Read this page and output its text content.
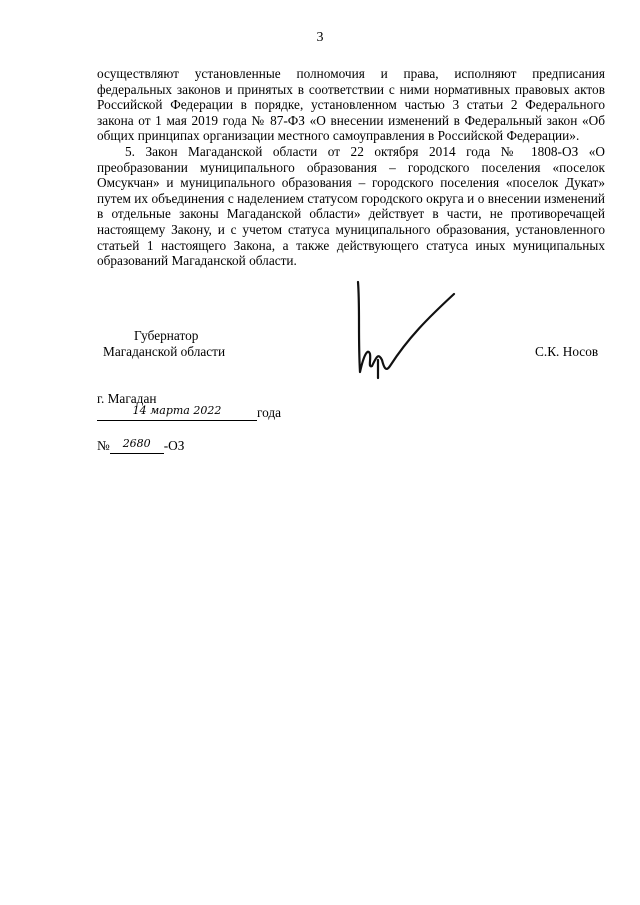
3

осуществляют установленные полномочия и права, исполняют предписания федеральных законов и принятых в соответствии с ними нормативных правовых актов Российской Федерации в порядке, установленном частью 3 статьи 2 Федерального закона от 1 мая 2019 года № 87-ФЗ «О внесении изменений в Федеральный закон «Об общих принципах организации местного самоуправления в Российской Федерации».

5. Закон Магаданской области от 22 октября 2014 года № 1808-ОЗ «О преобразовании муниципального образования – городского поселения «поселок Омсукчан» и муниципального образования – городского поселения «поселок Дукат» путем их объединения с наделением статусом городского округа и о внесении изменений в отдельные законы Магаданской области» действует в части, не противоречащей настоящему Закону, и с учетом статуса муниципального образования, установленного статьей 1 настоящего Закона, а также действующего статуса иных муниципальных образований Магаданской области.

Губернатор
Магаданской области	С.К. Носов
г. Магадан
14 марта 2022	года
№	2680 -ОЗ
